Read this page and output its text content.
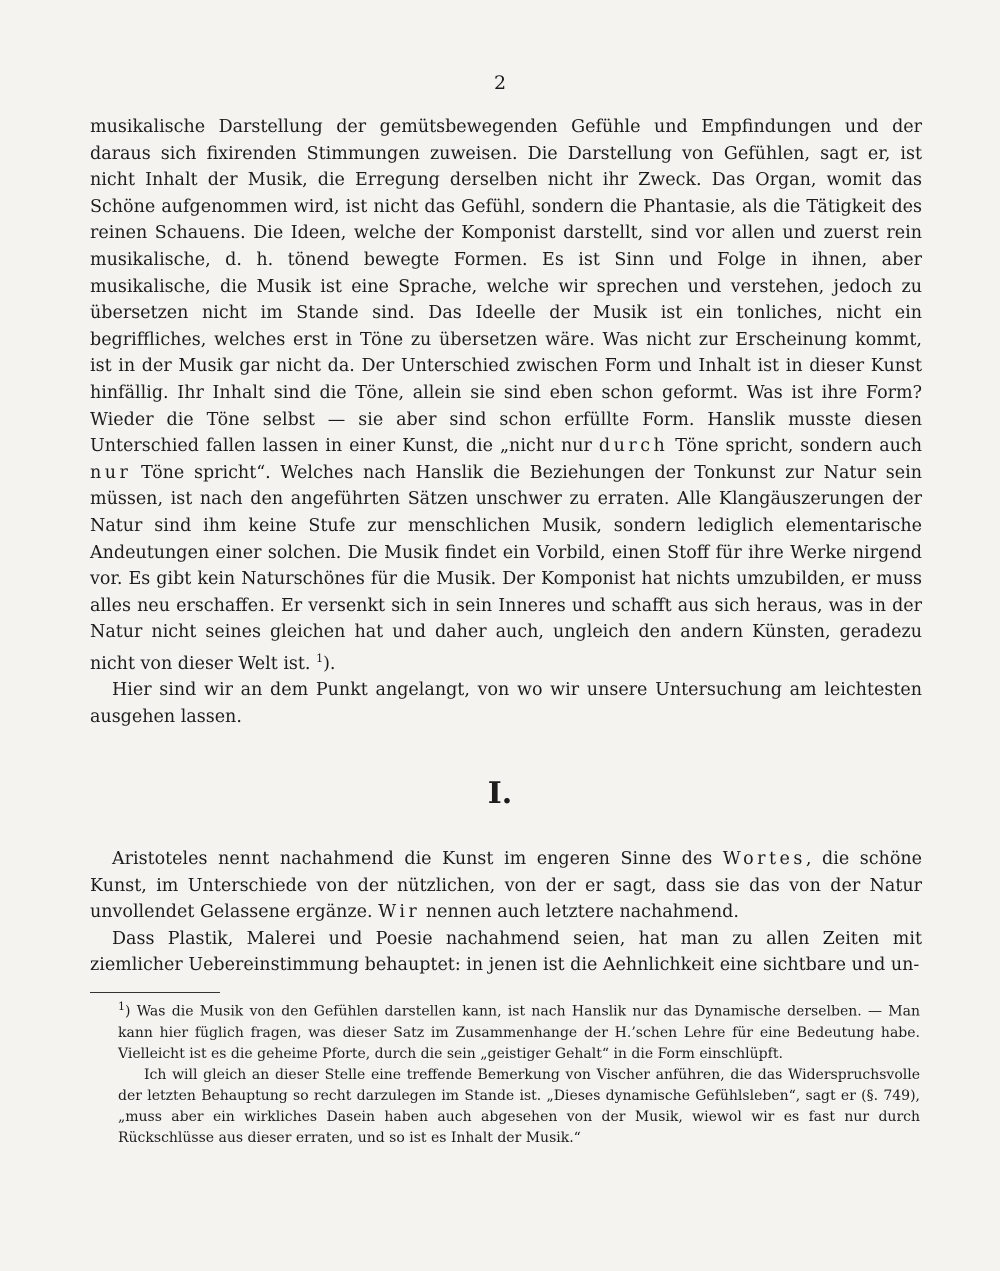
2

musikalische Darstellung der gemütsbewegenden Gefühle und Empfindungen und der daraus sich fixirenden Stimmungen zuweisen. Die Darstellung von Gefühlen, sagt er, ist nicht Inhalt der Musik, die Erregung derselben nicht ihr Zweck. Das Organ, womit das Schöne aufgenommen wird, ist nicht das Gefühl, sondern die Phantasie, als die Tätigkeit des reinen Schauens. Die Ideen, welche der Komponist darstellt, sind vor allen und zuerst rein musikalische, d. h. tönend bewegte Formen. Es ist Sinn und Folge in ihnen, aber musikalische, die Musik ist eine Sprache, welche wir sprechen und verstehen, jedoch zu übersetzen nicht im Stande sind. Das Ideelle der Musik ist ein tonliches, nicht ein begriffliches, welches erst in Töne zu übersetzen wäre. Was nicht zur Erscheinung kommt, ist in der Musik gar nicht da. Der Unterschied zwischen Form und Inhalt ist in dieser Kunst hinfällig. Ihr Inhalt sind die Töne, allein sie sind eben schon geformt. Was ist ihre Form? Wieder die Töne selbst — sie aber sind schon erfüllte Form. Hanslik musste diesen Unterschied fallen lassen in einer Kunst, die „nicht nur durch Töne spricht, sondern auch nur Töne spricht“. Welches nach Hanslik die Beziehungen der Tonkunst zur Natur sein müssen, ist nach den angeführten Sätzen unschwer zu erraten. Alle Klangäuszerungen der Natur sind ihm keine Stufe zur menschlichen Musik, sondern lediglich elementarische Andeutungen einer solchen. Die Musik findet ein Vorbild, einen Stoff für ihre Werke nirgend vor. Es gibt kein Naturschönes für die Musik. Der Komponist hat nichts umzubilden, er muss alles neu erschaffen. Er versenkt sich in sein Inneres und schafft aus sich heraus, was in der Natur nicht seines gleichen hat und daher auch, ungleich den andern Künsten, geradezu nicht von dieser Welt ist. $^1$).

Hier sind wir an dem Punkt angelangt, von wo wir unsere Untersuchung am leichtesten ausgehen lassen.

I.

Aristoteles nennt nachahmend die Kunst im engeren Sinne des Wortes, die schöne Kunst, im Unterschiede von der nützlichen, von der er sagt, dass sie das von der Natur unvollendet Gelassene ergänze. Wir nennen auch letztere nachahmend.

Dass Plastik, Malerei und Poesie nachahmend seien, hat man zu allen Zeiten mit ziemlicher Uebereinstimmung behauptet: in jenen ist die Aehnlichkeit eine sichtbare und un-

$^1$) Was die Musik von den Gefühlen darstellen kann, ist nach Hanslik nur das Dynamische derselben. — Man kann hier füglich fragen, was dieser Satz im Zusammenhange der H.’schen Lehre für eine Bedeutung habe. Vielleicht ist es die geheime Pforte, durch die sein „geistiger Gehalt“ in die Form einschlüpft.

Ich will gleich an dieser Stelle eine treffende Bemerkung von Vischer anführen, die das Widerspruchsvolle der letzten Behauptung so recht darzulegen im Stande ist. „Dieses dynamische Gefühlsleben“, sagt er (§. 749), „muss aber ein wirkliches Dasein haben auch abgesehen von der Musik, wiewol wir es fast nur durch Rückschlüsse aus dieser erraten, und so ist es Inhalt der Musik.“
